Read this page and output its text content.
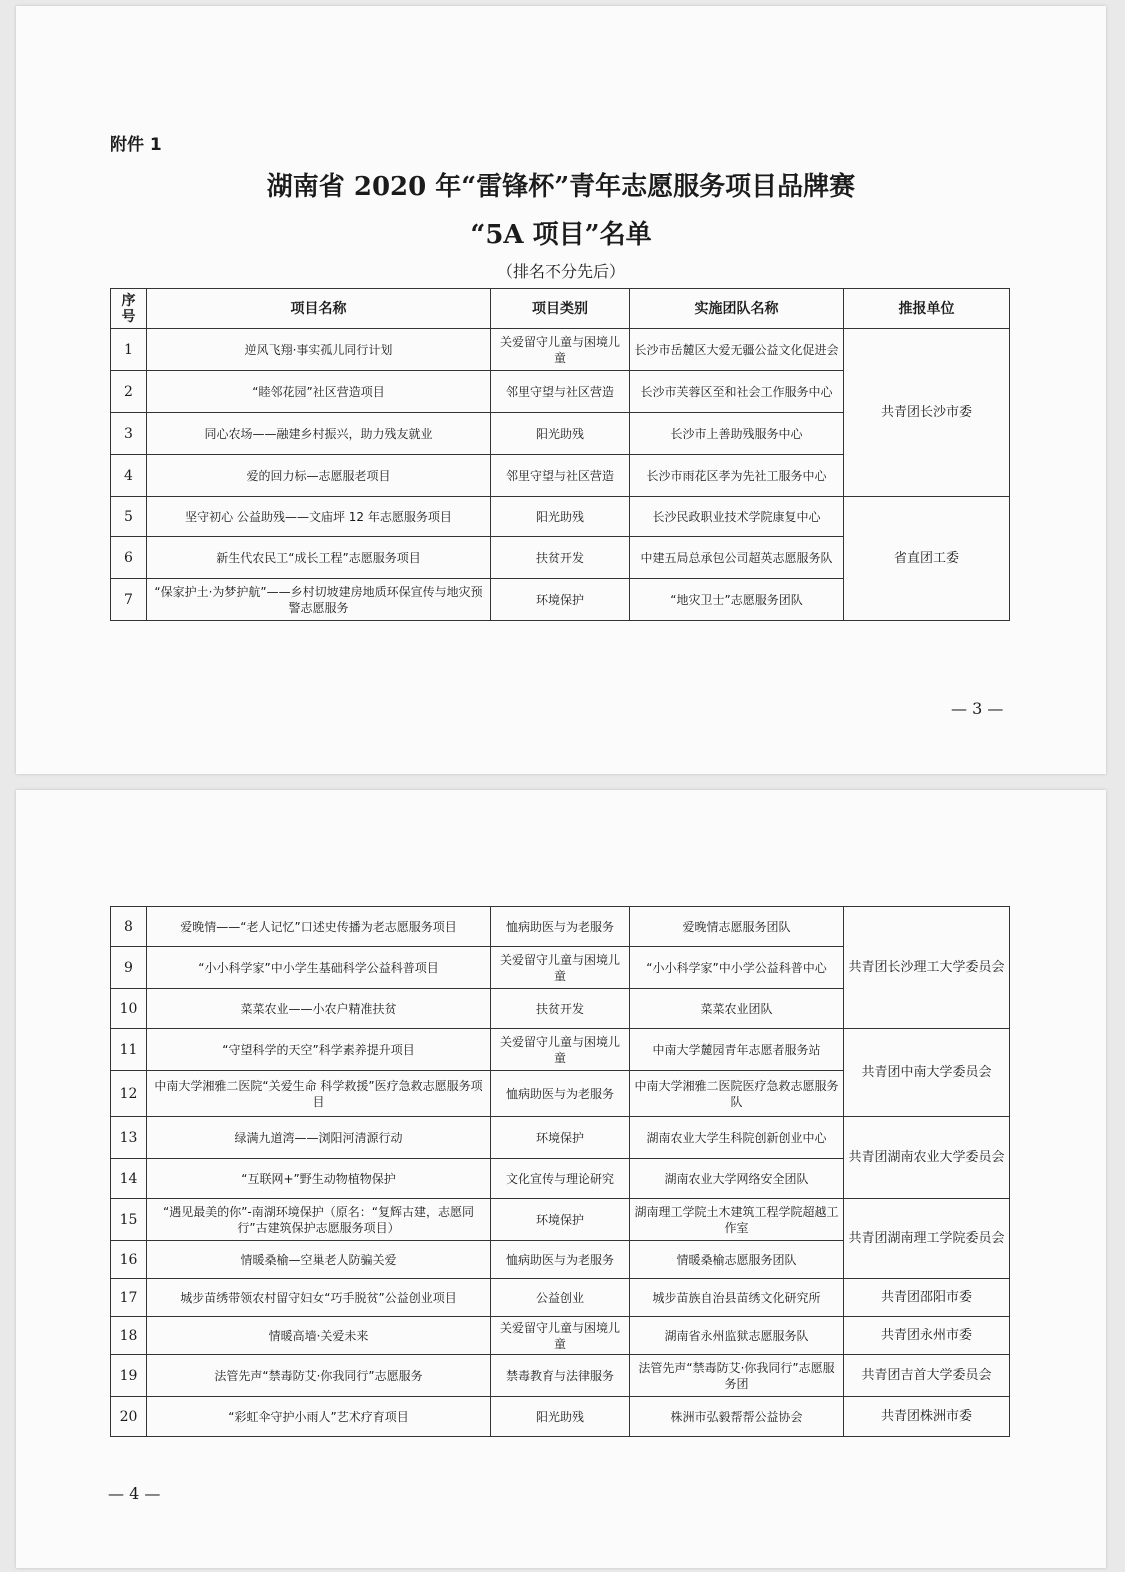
附件 1
湖南省 2020 年“雷锋杯”青年志愿服务项目品牌赛
“5A 项目”名单
（排名不分先后）
序号	项目名称	项目类别	实施团队名称	推报单位
1	逆风飞翔·事实孤儿同行计划	关爱留守儿童与困境儿童	长沙市岳麓区大爱无疆公益文化促进会	共青团长沙市委
2	“睦邻花园”社区营造项目	邻里守望与社区营造	长沙市芙蓉区至和社会工作服务中心	
3	同心农场——融建乡村振兴，助力残友就业	阳光助残	长沙市上善助残服务中心	
4	爱的回力标—志愿服老项目	邻里守望与社区营造	长沙市雨花区孝为先社工服务中心	
5	坚守初心 公益助残——文庙坪 12 年志愿服务项目	阳光助残	长沙民政职业技术学院康复中心	省直团工委
6	新生代农民工“成长工程”志愿服务项目	扶贫开发	中建五局总承包公司超英志愿服务队	
7	“保家护土·为梦护航”——乡村切坡建房地质环保宣传与地灾预警志愿服务	环境保护	“地灾卫士”志愿服务团队	
— 3 —
8	爱晚情——“老人记忆”口述史传播为老志愿服务项目	恤病助医与为老服务	爱晚情志愿服务团队	共青团长沙理工大学委员会
9	“小小科学家”中小学生基础科学公益科普项目	关爱留守儿童与困境儿童	“小小科学家”中小学公益科普中心	
10	菜菜农业——小农户精准扶贫	扶贫开发	菜菜农业团队	
11	“守望科学的天空”科学素养提升项目	关爱留守儿童与困境儿童	中南大学麓园青年志愿者服务站	共青团中南大学委员会
12	中南大学湘雅二医院“关爱生命 科学救援”医疗急救志愿服务项目	恤病助医与为老服务	中南大学湘雅二医院医疗急救志愿服务队	
13	绿满九道湾——浏阳河清源行动	环境保护	湖南农业大学生科院创新创业中心	共青团湖南农业大学委员会
14	“互联网+”野生动物植物保护	文化宣传与理论研究	湖南农业大学网络安全团队	
15	“遇见最美的你”-南湖环境保护（原名：“复辉古建，志愿同行”古建筑保护志愿服务项目）	环境保护	湖南理工学院土木建筑工程学院超越工作室	共青团湖南理工学院委员会
16	情暖桑榆—空巢老人防骗关爱	恤病助医与为老服务	情暖桑榆志愿服务团队	
17	城步苗绣带领农村留守妇女“巧手脱贫”公益创业项目	公益创业	城步苗族自治县苗绣文化研究所	共青团邵阳市委
18	情暖高墙·关爱未来	关爱留守儿童与困境儿童	湖南省永州监狱志愿服务队	共青团永州市委
19	法管先声“禁毒防艾·你我同行”志愿服务	禁毒教育与法律服务	法管先声“禁毒防艾·你我同行”志愿服务团	共青团吉首大学委员会
20	“彩虹伞守护小雨人”艺术疗育项目	阳光助残	株洲市弘毅帮帮公益协会	共青团株洲市委
— 4 —
